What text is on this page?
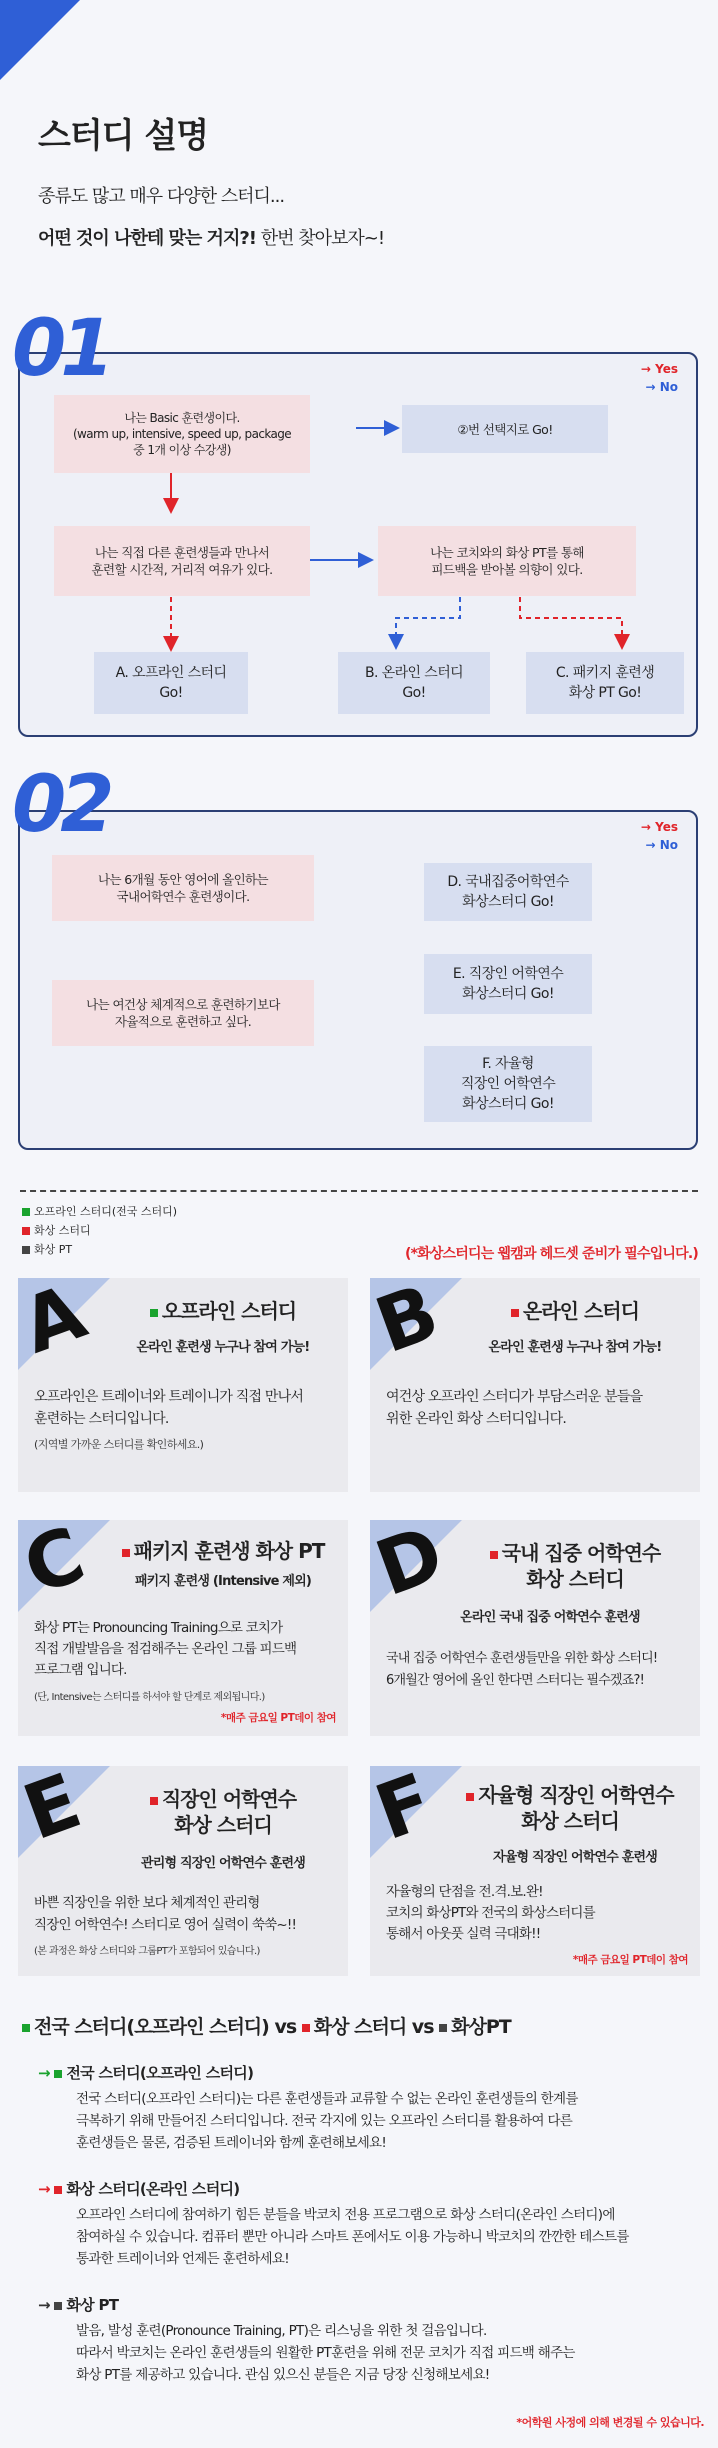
스터디 설명
종류도 많고 매우 다양한 스터디...
어떤 것이 나한테 맞는 거지?! 한번 찾아보자~!
01	→ Yes
→ No
나는 Basic 훈련생이다.
(warm up, intensive, speed up, package
중 1개 이상 수강생)
②번 선택지로 Go!
나는 직접 다른 훈련생들과 만나서
훈련할 시간적, 거리적 여유가 있다.
나는 코치와의 화상 PT를 통해
피드백을 받아볼 의향이 있다.
A. 오프라인 스터디
Go!
B. 온라인 스터디
Go!
C. 패키지 훈련생
화상 PT Go!
02	→ Yes
→ No
나는 6개월 동안 영어에 올인하는
국내어학연수 훈련생이다.
D. 국내집중어학연수
화상스터디 Go!
나는 여건상 체계적으로 훈련하기보다
자율적으로 훈련하고 싶다.
E. 직장인 어학연수
화상스터디 Go!
F. 자율형
직장인 어학연수
화상스터디 Go!
오프라인 스터디(전국 스터디)
화상 스터디
화상 PT	(*화상스터디는 웹캠과 헤드셋 준비가 필수입니다.)
A	오프라인 스터디
온라인 훈련생 누구나 참여 가능!
오프라인은 트레이너와 트레이니가 직접 만나서
훈련하는 스터디입니다.
(지역별 가까운 스터디를 확인하세요.)
B	온라인 스터디
온라인 훈련생 누구나 참여 가능!
여건상 오프라인 스터디가 부담스러운 분들을
위한 온라인 화상 스터디입니다.
C	패키지 훈련생 화상 PT
패키지 훈련생 (Intensive 제외)
화상 PT는 Pronouncing Training으로 코치가
직접 개발발음을 점검해주는 온라인 그룹 피드백
프로그램 입니다.
(단, Intensive는 스터디를 하셔야 할 단계로 제외됩니다.)
*매주 금요일 PT데이 참여
D	국내 집중 어학연수
화상 스터디
온라인 국내 집중 어학연수 훈련생
국내 집중 어학연수 훈련생들만을 위한 화상 스터디!
6개월간 영어에 올인 한다면 스터디는 필수겠죠?!
E	직장인 어학연수
화상 스터디
관리형 직장인 어학연수 훈련생
바쁜 직장인을 위한 보다 체계적인 관리형
직장인 어학연수! 스터디로 영어 실력이 쑥쑥~!!
(본 과정은 화상 스터디와 그룹PT가 포함되어 있습니다.)
F	자율형 직장인 어학연수
화상 스터디
자율형 직장인 어학연수 훈련생
자율형의 단점을 전.격.보.완!
코치의 화상PT와 전국의 화상스터디를
통해서 아웃풋 실력 극대화!!
*매주 금요일 PT데이 참여
전국 스터디(오프라인 스터디) vs 화상 스터디 vs 화상PT
→ 전국 스터디(오프라인 스터디)
전국 스터디(오프라인 스터디)는 다른 훈련생들과 교류할 수 없는 온라인 훈련생들의 한계를
극복하기 위해 만들어진 스터디입니다. 전국 각지에 있는 오프라인 스터디를 활용하여 다른
훈련생들은 물론, 검증된 트레이너와 함께 훈련해보세요!
→ 화상 스터디(온라인 스터디)
오프라인 스터디에 참여하기 힘든 분들을 박코치 전용 프로그램으로 화상 스터디(온라인 스터디)에
참여하실 수 있습니다. 컴퓨터 뿐만 아니라 스마트 폰에서도 이용 가능하니 박코치의 깐깐한 테스트를
통과한 트레이너와 언제든 훈련하세요!
→ 화상 PT
발음, 발성 훈련(Pronounce Training, PT)은 리스닝을 위한 첫 걸음입니다.
따라서 박코치는 온라인 훈련생들의 원활한 PT훈련을 위해 전문 코치가 직접 피드백 해주는
화상 PT를 제공하고 있습니다. 관심 있으신 분들은 지금 당장 신청해보세요!
*어학원 사정에 의해 변경될 수 있습니다.
